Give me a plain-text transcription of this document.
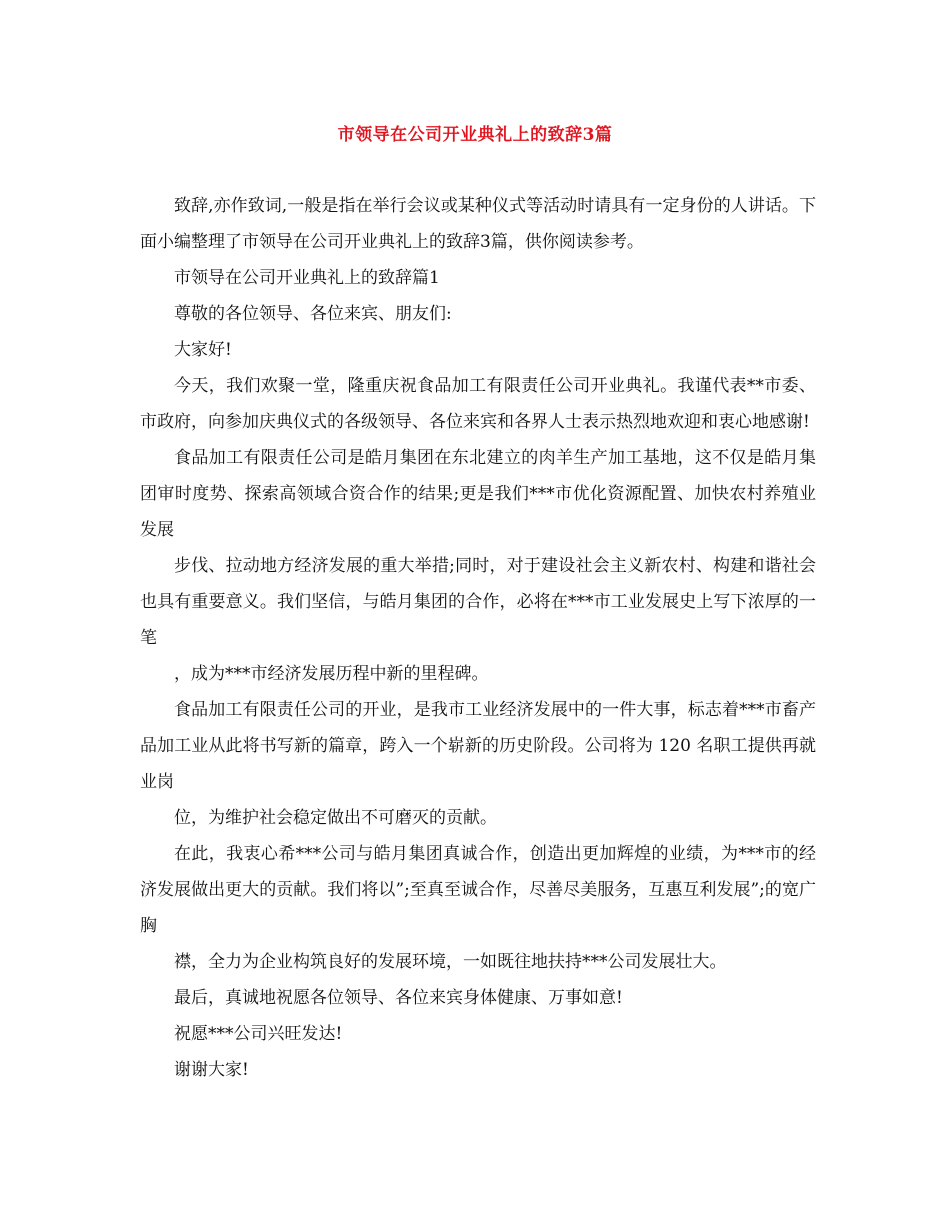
市领导在公司开业典礼上的致辞3篇

致辞,亦作致词,一般是指在举行会议或某种仪式等活动时请具有一定身份的人讲话。下面小编整理了市领导在公司开业典礼上的致辞3篇，供你阅读参考。

市领导在公司开业典礼上的致辞篇1

尊敬的各位领导、各位来宾、朋友们:

大家好!

今天，我们欢聚一堂，隆重庆祝食品加工有限责任公司开业典礼。我谨代表**市委、市政府，向参加庆典仪式的各级领导、各位来宾和各界人士表示热烈地欢迎和衷心地感谢!

食品加工有限责任公司是皓月集团在东北建立的肉羊生产加工基地，这不仅是皓月集团审时度势、探索高领域合资合作的结果;更是我们***市优化资源配置、加快农村养殖业发展

步伐、拉动地方经济发展的重大举措;同时，对于建设社会主义新农村、构建和谐社会也具有重要意义。我们坚信，与皓月集团的合作，必将在***市工业发展史上写下浓厚的一笔

，成为***市经济发展历程中新的里程碑。

食品加工有限责任公司的开业，是我市工业经济发展中的一件大事，标志着***市畜产品加工业从此将书写新的篇章，跨入一个崭新的历史阶段。公司将为 120 名职工提供再就业岗

位，为维护社会稳定做出不可磨灭的贡献。

在此，我衷心希***公司与皓月集团真诚合作，创造出更加辉煌的业绩，为***市的经济发展做出更大的贡献。我们将以”;至真至诚合作，尽善尽美服务，互惠互利发展”;的宽广胸

襟，全力为企业构筑良好的发展环境，一如既往地扶持***公司发展壮大。

最后，真诚地祝愿各位领导、各位来宾身体健康、万事如意!

祝愿***公司兴旺发达!

谢谢大家!
